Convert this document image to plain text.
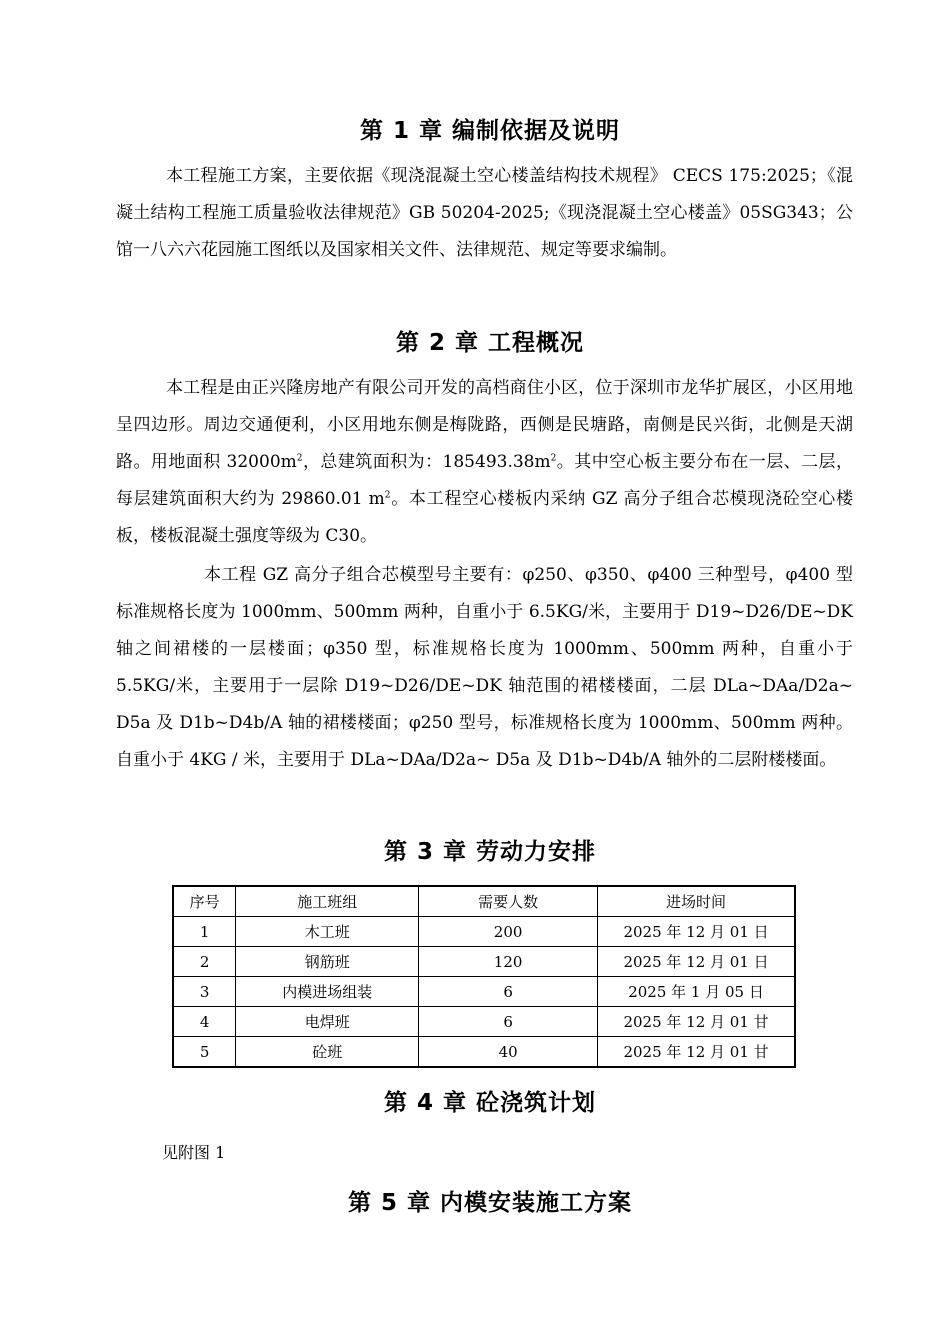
第 1 章 编制依据及说明

本工程施工方案，主要依据《现浇混凝土空心楼盖结构技术规程》 CECS 175:2025；《混凝土结构工程施工质量验收法律规范》GB 50204-2025;《现浇混凝土空心楼盖》05SG343；公馆一八六六花园施工图纸以及国家相关文件、法律规范、规定等要求编制。

第 2 章 工程概况

本工程是由正兴隆房地产有限公司开发的高档商住小区，位于深圳市龙华扩展区，小区用地呈四边形。周边交通便利，小区用地东侧是梅陇路，西侧是民塘路，南侧是民兴街，北侧是天湖路。用地面积 $32000m^2$，总建筑面积为：$185493.38m^2$。其中空心板主要分布在一层、二层，每层建筑面积大约为 29860.01 $m^2$。本工程空心楼板内采纳 GZ 高分子组合芯模现浇砼空心楼板，楼板混凝土强度等级为 C30。

本工程 GZ 高分子组合芯模型号主要有：φ250、φ350、φ400 三种型号，φ400 型标准规格长度为 1000mm、500mm 两种，自重小于 6.5KG/米，主要用于 D19~D26/DE~DK 轴之间裙楼的一层楼面；φ350 型，标准规格长度为 1000mm、500mm 两种，自重小于 5.5KG/米，主要用于一层除 D19~D26/DE~DK 轴范围的裙楼楼面，二层 DLa~DAa/D2a~ D5a 及 D1b~D4b/A 轴的裙楼楼面；φ250 型号，标准规格长度为 1000mm、500mm 两种。自重小于 4KG / 米，主要用于 DLa~DAa/D2a~ D5a 及 D1b~D4b/A 轴外的二层附楼楼面。

第 3 章 劳动力安排
序号	施工班组	需要人数	进场时间
1	木工班	200	2025 年 12 月 01 日
2	钢筋班	120	2025 年 12 月 01 日
3	内模进场组装	6	2025 年 1 月 05 日
4	电焊班	6	2025 年 12 月 01 甘
5	砼班	40	2025 年 12 月 01 甘
第 4 章 砼浇筑计划

见附图 1

第 5 章 内模安装施工方案
